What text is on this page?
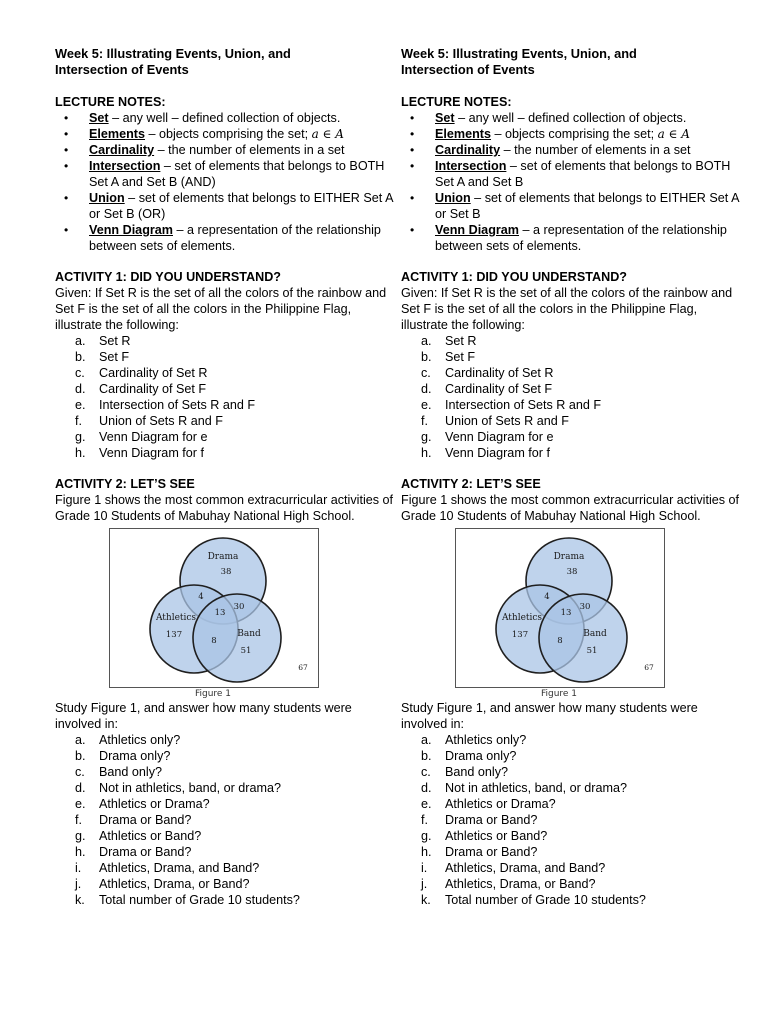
Week 5: Illustrating Events, Union, and
Intersection of Events
LECTURE NOTES:
• Set – any well – defined collection of objects.
• Elements – objects comprising the set; a ∈ A
• Cardinality – the number of elements in a set
• Intersection – set of elements that belongs to BOTH Set A and Set B (AND)
• Union – set of elements that belongs to EITHER Set A or Set B (OR)
• Venn Diagram – a representation of the relationship between sets of elements.
ACTIVITY 1: DID YOU UNDERSTAND?

Given: If Set R is the set of all the colors of the rainbow and Set F is the set of all the colors in the Philippine Flag, illustrate the following:

a. Set R
b. Set F
c. Cardinality of Set R
d. Cardinality of Set F
e. Intersection of Sets R and F
f. Union of Sets R and F
g. Venn Diagram for e
h. Venn Diagram for f
ACTIVITY 2: LET’S SEE

Figure 1 shows the most common extracurricular activities of Grade 10 Students of Mabuhay National High School.

Drama
38
4
13
30
Athletics
137	Band
8
51
67
Figure 1

Study Figure 1, and answer how many students were involved in:

a. Athletics only?
b. Drama only?
c. Band only?
d. Not in athletics, band, or drama?
e. Athletics or Drama?
f. Drama or Band?
g. Athletics or Band?
h. Drama or Band?
i. Athletics, Drama, and Band?
j. Athletics, Drama, or Band?
k. Total number of Grade 10 students?
Week 5: Illustrating Events, Union, and
Intersection of Events
LECTURE NOTES:
• Set – any well – defined collection of objects.
• Elements – objects comprising the set; a ∈ A
• Cardinality – the number of elements in a set
• Intersection – set of elements that belongs to BOTH Set A and Set B
• Union – set of elements that belongs to EITHER Set A or Set B
• Venn Diagram – a representation of the relationship between sets of elements.
ACTIVITY 1: DID YOU UNDERSTAND?

Given: If Set R is the set of all the colors of the rainbow and Set F is the set of all the colors in the Philippine Flag, illustrate the following:

a. Set R
b. Set F
c. Cardinality of Set R
d. Cardinality of Set F
e. Intersection of Sets R and F
f. Union of Sets R and F
g. Venn Diagram for e
h. Venn Diagram for f
ACTIVITY 2: LET’S SEE

Figure 1 shows the most common extracurricular activities of Grade 10 Students of Mabuhay National High School.

Drama
38
4
13
30
Athletics
137	Band
8
51
67
Figure 1

Study Figure 1, and answer how many students were involved in:

a. Athletics only?
b. Drama only?
c. Band only?
d. Not in athletics, band, or drama?
e. Athletics or Drama?
f. Drama or Band?
g. Athletics or Band?
h. Drama or Band?
i. Athletics, Drama, and Band?
j. Athletics, Drama, or Band?
k. Total number of Grade 10 students?
